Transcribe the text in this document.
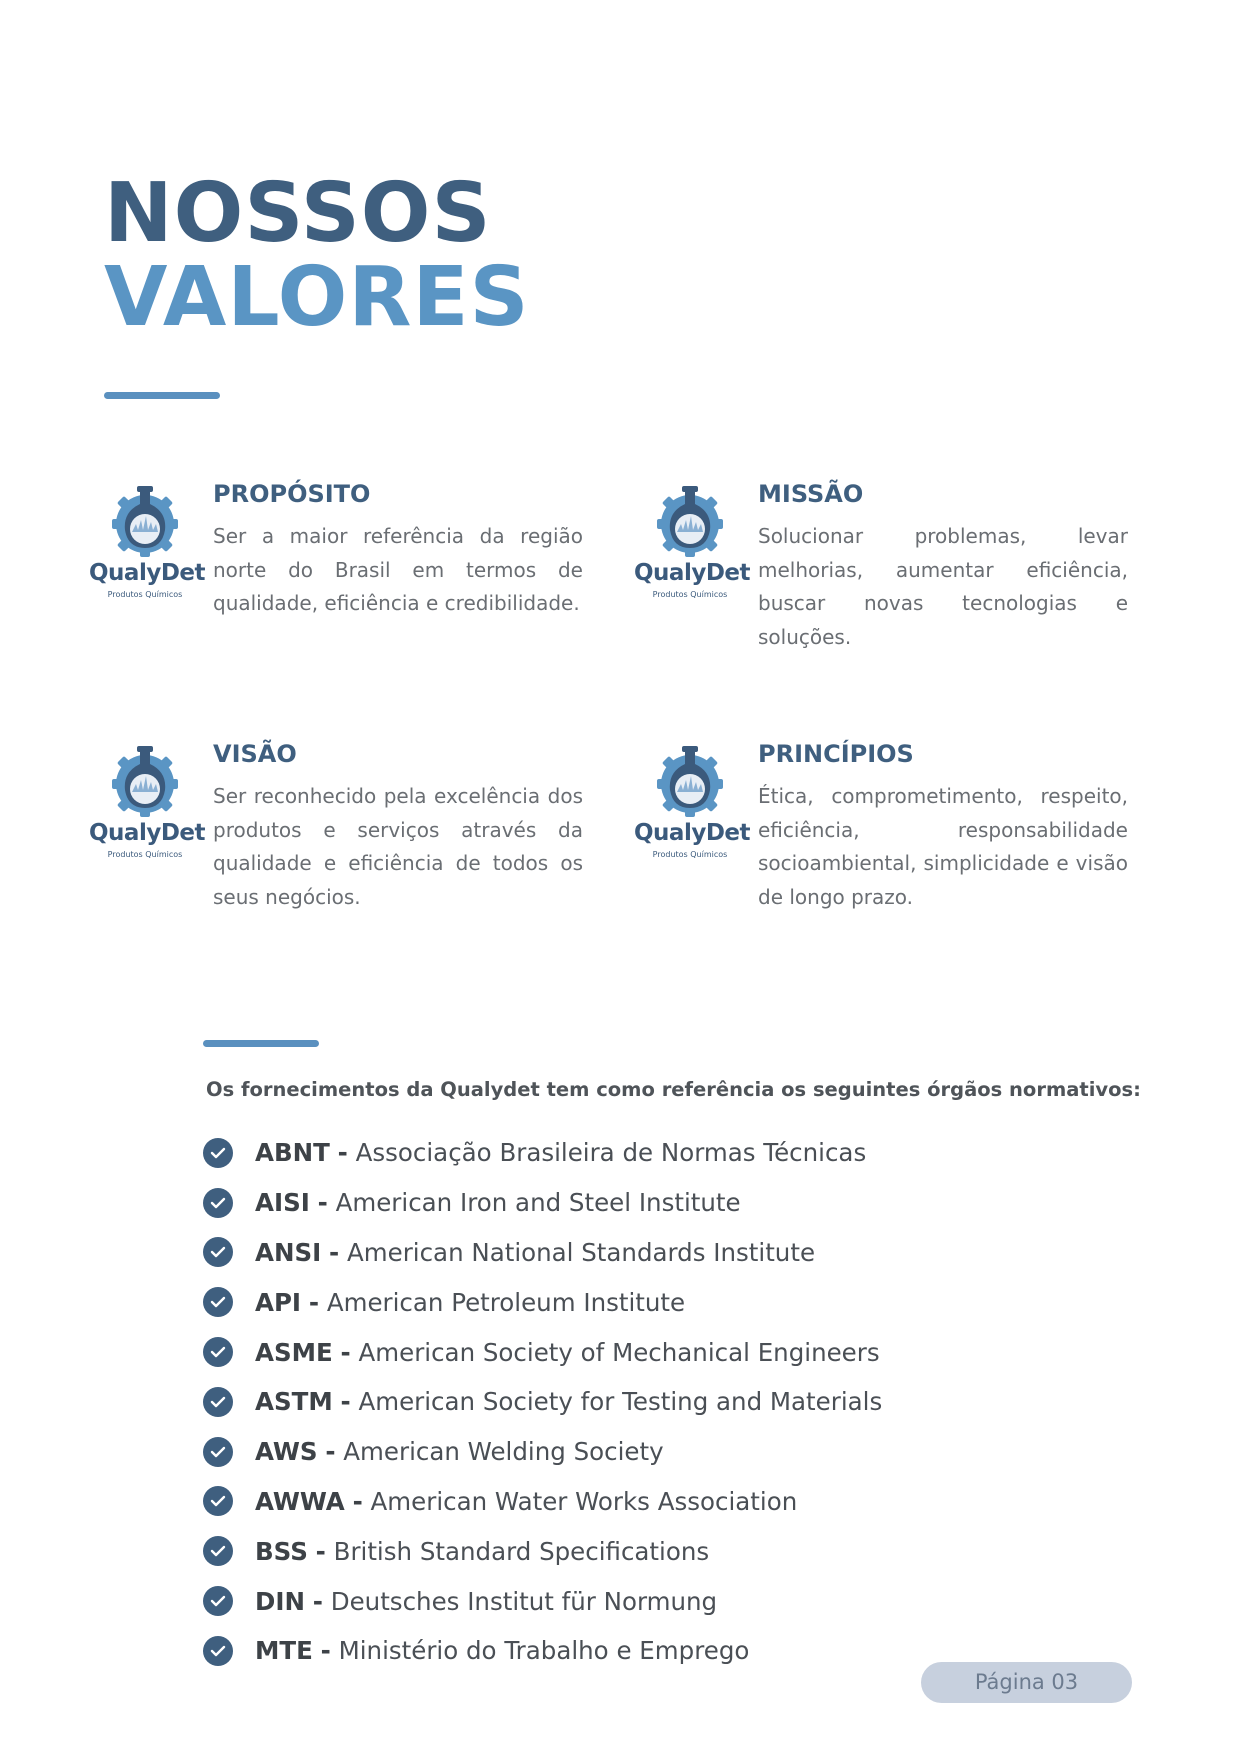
NOSSOS
VALORES
QualyDet
Produtos Químicos
PROPÓSITO

Ser a maior referência da região norte do Brasil em termos de qualidade, eficiência e credibilidade.

QualyDet
Produtos Químicos
MISSÃO

Solucionar problemas, levar melhorias, aumentar eficiência, buscar novas tecnologias e soluções.

QualyDet
Produtos Químicos
VISÃO

Ser reconhecido pela excelência dos produtos e serviços através da qualidade e eficiência de todos os seus negócios.

QualyDet
Produtos Químicos
PRINCÍPIOS

Ética, comprometimento, respeito, eficiência, responsabilidade socioambiental, simplicidade e visão de longo prazo.

Os fornecimentos da Qualydet tem como referência os seguintes órgãos normativos:

ABNT - Associação Brasileira de Normas Técnicas
AISI - American Iron and Steel Institute
ANSI - American National Standards Institute
API - American Petroleum Institute
ASME - American Society of Mechanical Engineers
ASTM - American Society for Testing and Materials
AWS - American Welding Society
AWWA - American Water Works Association
BSS - British Standard Specifications
DIN - Deutsches Institut für Normung
MTE - Ministério do Trabalho e Emprego
Página 03
